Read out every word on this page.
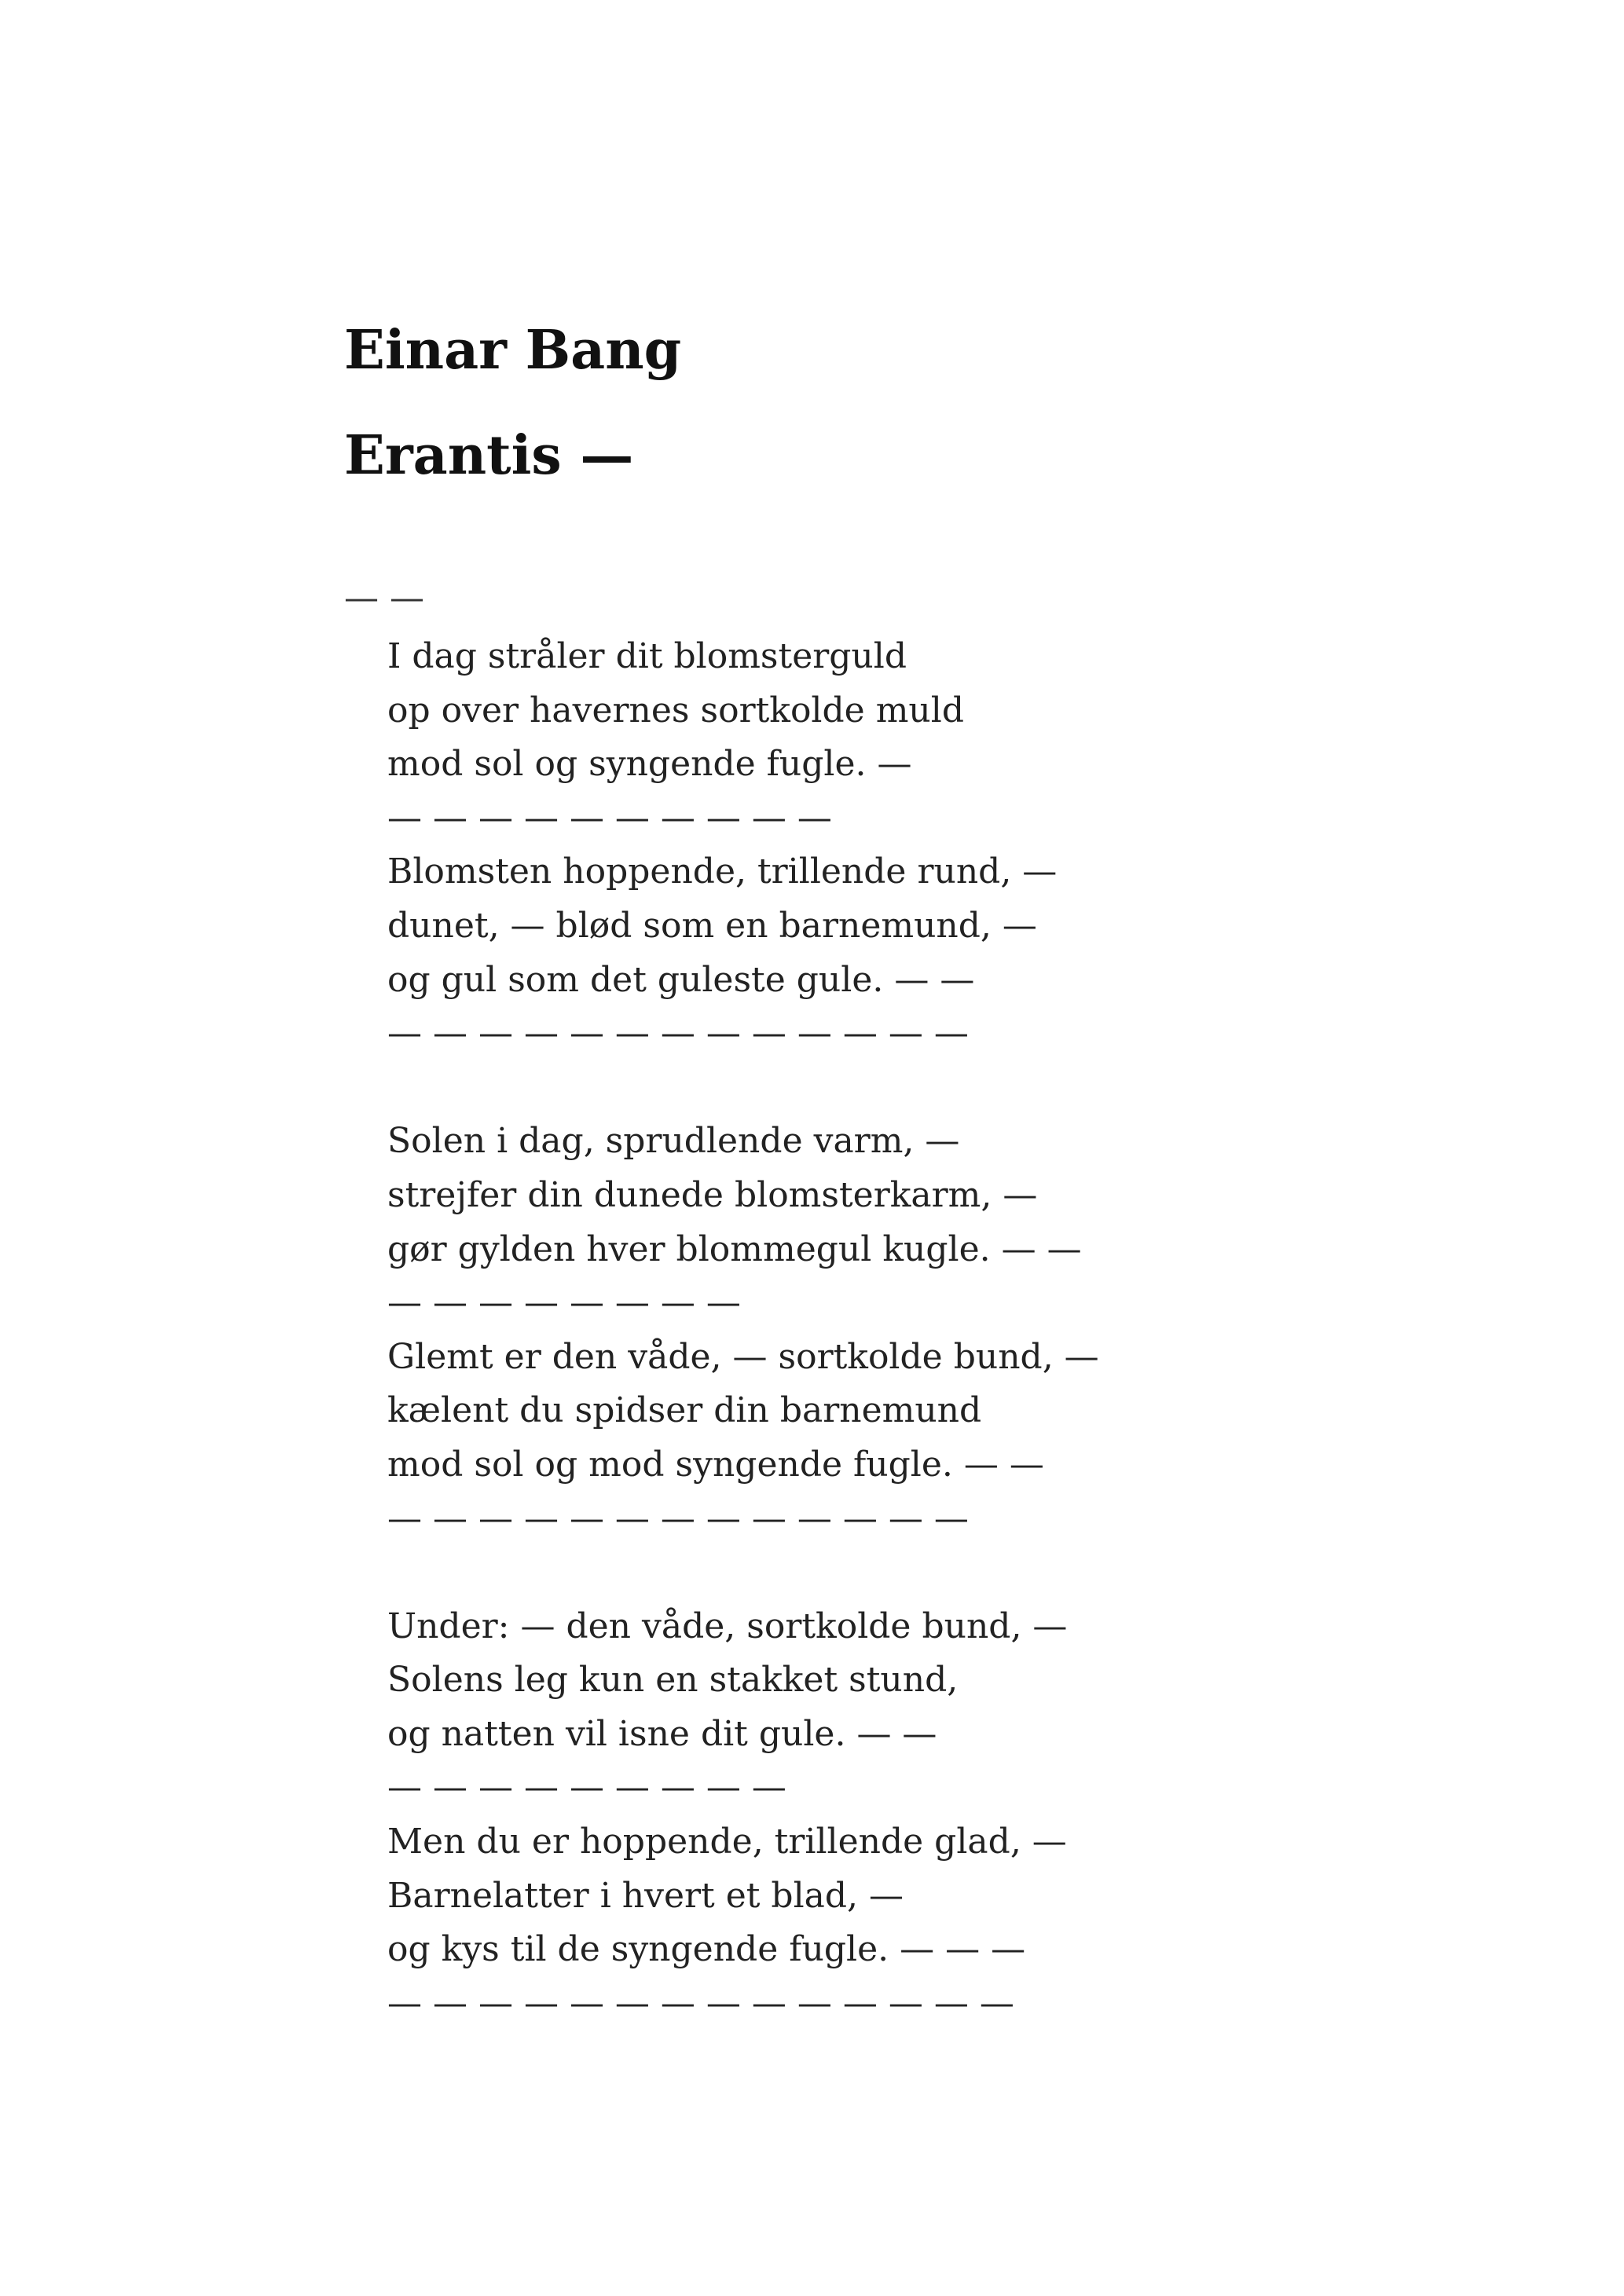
Einar Bang
Erantis —
— —
I dag stråler dit blomsterguld
op over havernes sortkolde muld
mod sol og syngende fugle. —
— — — — — — — — — —
Blomsten hoppende, trillende rund, —
dunet, — blød som en barnemund, —
og gul som det guleste gule. — —
— — — — — — — — — — — — —
Solen i dag, sprudlende varm, —
strejfer din dunede blomsterkarm, —
gør gylden hver blommegul kugle. — —
— — — — — — — —
Glemt er den våde, — sortkolde bund, —
kælent du spidser din barnemund
mod sol og mod syngende fugle. — —
— — — — — — — — — — — — —
Under: — den våde, sortkolde bund, —
Solens leg kun en stakket stund,
og natten vil isne dit gule. — —
— — — — — — — — —
Men du er hoppende, trillende glad, —
Barnelatter i hvert et blad, —
og kys til de syngende fugle. — — —
— — — — — — — — — — — — — —
